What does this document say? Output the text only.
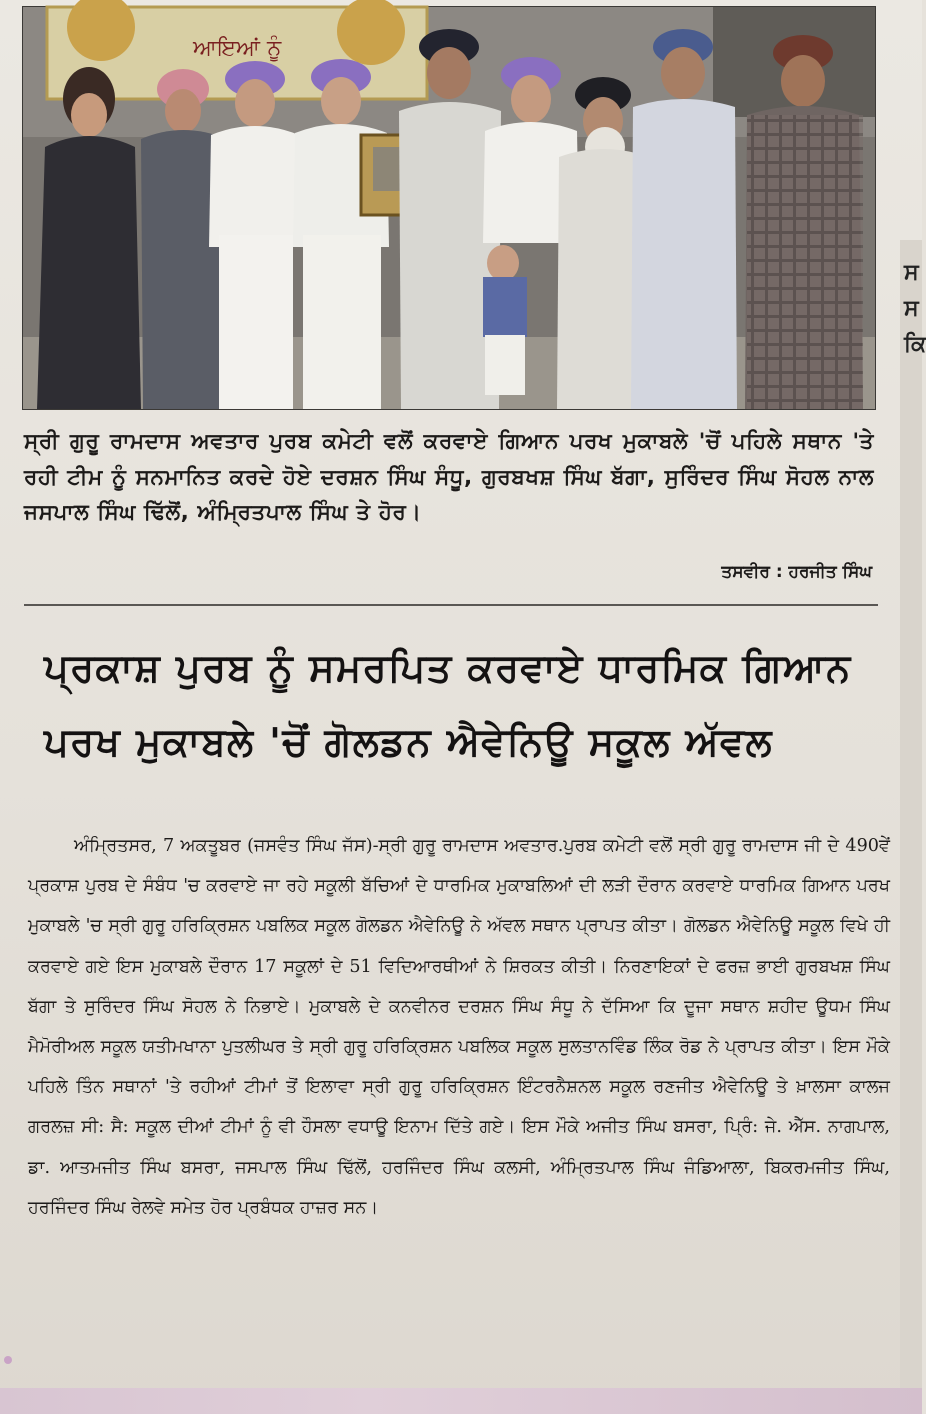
ਆਇਆਂ ਨੂੰ
ਸ
ਸ
ਕਿ
ਸ੍ਰੀ ਗੁਰੂ ਰਾਮਦਾਸ ਅਵਤਾਰ ਪੁਰਬ ਕਮੇਟੀ ਵਲੋਂ ਕਰਵਾਏ ਗਿਆਨ ਪਰਖ ਮੁਕਾਬਲੇ 'ਚੋਂ ਪਹਿਲੇ ਸਥਾਨ 'ਤੇ ਰਹੀ ਟੀਮ ਨੂੰ ਸਨਮਾਨਿਤ ਕਰਦੇ ਹੋਏ ਦਰਸ਼ਨ ਸਿੰਘ ਸੰਧੂ, ਗੁਰਬਖਸ਼ ਸਿੰਘ ਬੱਗਾ, ਸੁਰਿੰਦਰ ਸਿੰਘ ਸੋਹਲ ਨਾਲ ਜਸਪਾਲ ਸਿੰਘ ਢਿੱਲੋਂ, ਅੰਮ੍ਰਿਤਪਾਲ ਸਿੰਘ ਤੇ ਹੋਰ।
ਤਸਵੀਰ : ਹਰਜੀਤ ਸਿੰਘ
ਪ੍ਰਕਾਸ਼ ਪੁਰਬ ਨੂੰ ਸਮਰਪਿਤ ਕਰਵਾਏ ਧਾਰਮਿਕ ਗਿਆਨ
ਪਰਖ ਮੁਕਾਬਲੇ 'ਚੋਂ ਗੋਲਡਨ ਐਵੇਨਿਊ ਸਕੂਲ ਅੱਵਲ
ਅੰਮ੍ਰਿਤਸਰ, 7 ਅਕਤੂਬਰ (ਜਸਵੰਤ ਸਿੰਘ ਜੱਸ)-ਸ੍ਰੀ ਗੁਰੂ ਰਾਮਦਾਸ ਅਵਤਾਰ.ਪੁਰਬ ਕਮੇਟੀ ਵਲੋਂ ਸ੍ਰੀ ਗੁਰੂ ਰਾਮਦਾਸ ਜੀ ਦੇ 490ਵੇਂ ਪ੍ਰਕਾਸ਼ ਪੁਰਬ ਦੇ ਸੰਬੰਧ 'ਚ ਕਰਵਾਏ ਜਾ ਰਹੇ ਸਕੂਲੀ ਬੱਚਿਆਂ ਦੇ ਧਾਰਮਿਕ ਮੁਕਾਬਲਿਆਂ ਦੀ ਲੜੀ ਦੌਰਾਨ ਕਰਵਾਏ ਧਾਰਮਿਕ ਗਿਆਨ ਪਰਖ ਮੁਕਾਬਲੇ 'ਚ ਸ੍ਰੀ ਗੁਰੂ ਹਰਿਕ੍ਰਿਸ਼ਨ ਪਬਲਿਕ ਸਕੂਲ ਗੋਲਡਨ ਐਵੇਨਿਊ ਨੇ ਅੱਵਲ ਸਥਾਨ ਪ੍ਰਾਪਤ ਕੀਤਾ। ਗੋਲਡਨ ਐਵੇਨਿਊ ਸਕੂਲ ਵਿਖੇ ਹੀ ਕਰਵਾਏ ਗਏ ਇਸ ਮੁਕਾਬਲੇ ਦੌਰਾਨ 17 ਸਕੂਲਾਂ ਦੇ 51 ਵਿਦਿਆਰਥੀਆਂ ਨੇ ਸ਼ਿਰਕਤ ਕੀਤੀ। ਨਿਰਣਾਇਕਾਂ ਦੇ ਫਰਜ਼ ਭਾਈ ਗੁਰਬਖਸ਼ ਸਿੰਘ ਬੱਗਾ ਤੇ ਸੁਰਿੰਦਰ ਸਿੰਘ ਸੋਹਲ ਨੇ ਨਿਭਾਏ। ਮੁਕਾਬਲੇ ਦੇ ਕਨਵੀਨਰ ਦਰਸ਼ਨ ਸਿੰਘ ਸੰਧੂ ਨੇ ਦੱਸਿਆ ਕਿ ਦੂਜਾ ਸਥਾਨ ਸ਼ਹੀਦ ਊਧਮ ਸਿੰਘ ਮੈਮੋਰੀਅਲ ਸਕੂਲ ਯਤੀਮਖਾਨਾ ਪੁਤਲੀਘਰ ਤੇ ਸ੍ਰੀ ਗੁਰੂ ਹਰਿਕ੍ਰਿਸ਼ਨ ਪਬਲਿਕ ਸਕੂਲ ਸੁਲਤਾਨਵਿੰਡ ਲਿੰਕ ਰੋਡ ਨੇ ਪ੍ਰਾਪਤ ਕੀਤਾ। ਇਸ ਮੌਕੇ ਪਹਿਲੇ ਤਿੰਨ ਸਥਾਨਾਂ 'ਤੇ ਰਹੀਆਂ ਟੀਮਾਂ ਤੋਂ ਇਲਾਵਾ ਸ੍ਰੀ ਗੁਰੂ ਹਰਿਕ੍ਰਿਸ਼ਨ ਇੰਟਰਨੈਸ਼ਨਲ ਸਕੂਲ ਰਣਜੀਤ ਐਵੇਨਿਊ ਤੇ ਖ਼ਾਲਸਾ ਕਾਲਜ ਗਰਲਜ਼ ਸੀ: ਸੈ: ਸਕੂਲ ਦੀਆਂ ਟੀਮਾਂ ਨੂੰ ਵੀ ਹੌਸਲਾ ਵਧਾਊ ਇਨਾਮ ਦਿੱਤੇ ਗਏ। ਇਸ ਮੌਕੇ ਅਜੀਤ ਸਿੰਘ ਬਸਰਾ, ਪ੍ਰਿੰ: ਜੇ. ਐੱਸ. ਨਾਗਪਾਲ, ਡਾ. ਆਤਮਜੀਤ ਸਿੰਘ ਬਸਰਾ, ਜਸਪਾਲ ਸਿੰਘ ਢਿੱਲੋਂ, ਹਰਜਿੰਦਰ ਸਿੰਘ ਕਲਸੀ, ਅੰਮ੍ਰਿਤਪਾਲ ਸਿੰਘ ਜੰਡਿਆਲਾ, ਬਿਕਰਮਜੀਤ ਸਿੰਘ, ਹਰਜਿੰਦਰ ਸਿੰਘ ਰੇਲਵੇ ਸਮੇਤ ਹੋਰ ਪ੍ਰਬੰਧਕ ਹਾਜ਼ਰ ਸਨ।
